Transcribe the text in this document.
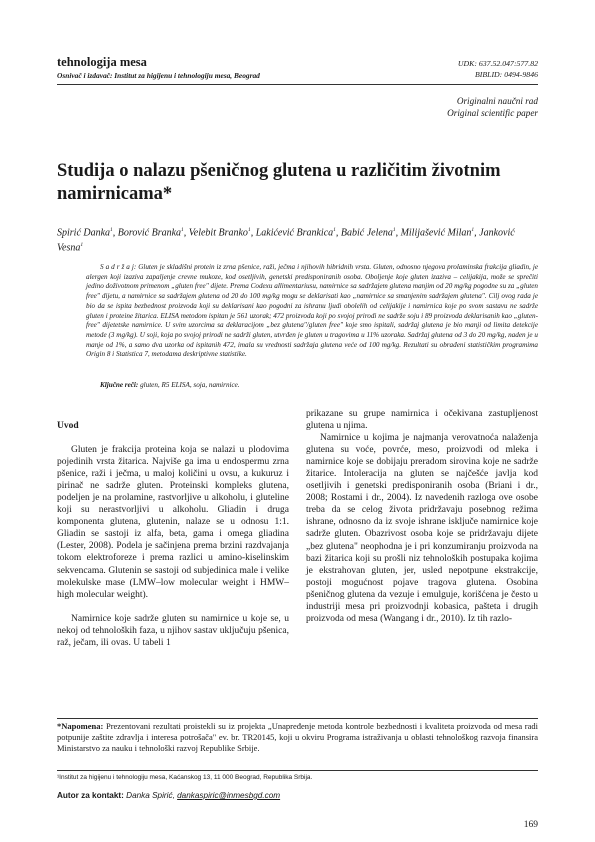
tehnologija mesa
Osnivač i izdavač: Institut za higijenu i tehnologiju mesa, Beograd
UDK: 637.52.047:577.82
BIBLID: 0494-9846
Originalni naučni rad
Original scientific paper
Studija o nalazu pšeničnog glutena u različitim životnim namirnicama*
Spirić Danka$^1$, Borović Branka$^1$, Velebit Branko$^1$, Lakićević Brankica$^1$, Babić Jelena$^1$, Milijašević Milan$^1$, Janković Vesna$^1$
S a d r ž a j: Gluten je skladišni protein iz zrna pšenice, raži, ječma i njihovih hibridnih vrsta. Gluten, odnosno njegova prolaminska frakcija gliadin, je alergen koji izaziva zapaljenje crevne mukoze, kod osetljivih, genetski predisponiranih osoba. Oboljenje koje gluten izaziva – celijakija, može se sprečiti jedino doživotnom primenom „gluten free" dijete. Prema Codexu allimentariusu, namirnice sa sadržajem glutena manjim od 20 mg/kg pogodne su za „gluten free" dijetu, a namirnice sa sadržajem glutena od 20 do 100 mg/kg mogu se deklarisati kao „namirnice sa smanjenim sadržajem glutena". Cilj ovog rada je bio da se ispita bezbednost proizvoda koji su deklarisani kao pogodni za ishranu ljudi obolelih od celijakije i namirnica koje po svom sastavu ne sadrže gluten i proteine žitarica. ELISA metodom ispitan je 561 uzorak; 472 proizvoda koji po svojoj prirodi ne sadrže soju i 89 proizvoda deklarisanih kao „gluten-free" dijetetske namirnice. U svim uzorcima sa deklaracijom „bez glutena"/gluten free" koje smo ispitali, sadržaj glutena je bio manji od limita detekcije metode (3 mg/kg). U soji, koja po svojoj prirodi ne sadrži gluten, utvrđen je gluten u tragovima u 11% uzoraka. Sadržaj glutena od 3 do 20 mg/kg, naden je u manje od 1%, a samo dva uzorka od ispitanih 472, imala su vrednosti sadržaja glutena veće od 100 mg/kg. Rezultati su obrađeni statističkim programima Origin 8 i Statistica 7, metodama deskriptivne statistike.
Ključne reči: gluten, R5 ELISA, soja, namirnice.
Uvod

Gluten je frakcija proteina koja se nalazi u plodovima pojedinih vrsta žitarica. Najviše ga ima u endospermu zrna pšenice, raži i ječma, u maloj količini u ovsu, a kukuruz i pirinač ne sadrže gluten. Proteinski kompleks glutena, podeljen je na prolamine, rastvorljive u alkoholu, i gluteline koji su nerastvorljivi u alkoholu. Gliadin i druga komponenta glutena, glutenin, nalaze se u odnosu 1:1. Gliadin se sastoji iz alfa, beta, gama i omega gliadina (Lester, 2008). Podela je sačinjena prema brzini razdvajanja tokom elektroforeze i prema razlici u amino-kiselinskim sekvencama. Glutenin se sastoji od subjedinica male i velike molekulske mase (LMW–low molecular weight i HMW–high molecular weight).

Namirnice koje sadrže gluten su namirnice u koje se, u nekoj od tehnoloških faza, u njihov sastav uključuju pšenica, raž, ječam, ili ovas. U tabeli 1

prikazane su grupe namirnica i očekivana zastupljenost glutena u njima.

Namirnice u kojima je najmanja verovatnoća nalaženja glutena su voće, povrće, meso, proizvodi od mleka i namirnice koje se dobijaju preradom sirovina koje ne sadrže žitarice. Intoleracija na gluten se najčešće javlja kod osetljivih i genetski predisponiranih osoba (Briani i dr., 2008; Rostami i dr., 2004). Iz navedenih razloga ove osobe treba da se celog života pridržavaju posebnog režima ishrane, odnosno da iz svoje ishrane isključe namirnice koje sadrže gluten. Obazrivost osoba koje se pridržavaju dijete „bez glutena" neophodna je i pri konzumiranju proizvoda na bazi žitarica koji su prošli niz tehnoloških postupaka kojima je ekstrahovan gluten, jer, usled nepotpune ekstrakcije, postoji mogućnost pojave tragova glutena. Osobina pšeničnog glutena da vezuje i emulguje, korišćena je često u industriji mesa pri proizvodnji kobasica, pašteta i drugih proizvoda od mesa (Wangang i dr., 2010). Iz tih razlo-

*Napomena: Prezentovani rezultati proistekli su iz projekta „Unapređenje metoda kontrole bezbednosti i kvaliteta proizvoda od mesa radi potpunije zaštite zdravlja i interesa potrošača" ev. br. TR20145, koji u okviru Programa istraživanja u oblasti tehnološkog razvoja finansira Ministarstvo za nauku i tehnološki razvoj Republike Srbije.
¹Institut za higijenu i tehnologiju mesa, Kaćanskog 13, 11 000 Beograd, Republika Srbija.
Autor za kontakt: Danka Spirić, dankaspiric@inmesbgd.com
169
